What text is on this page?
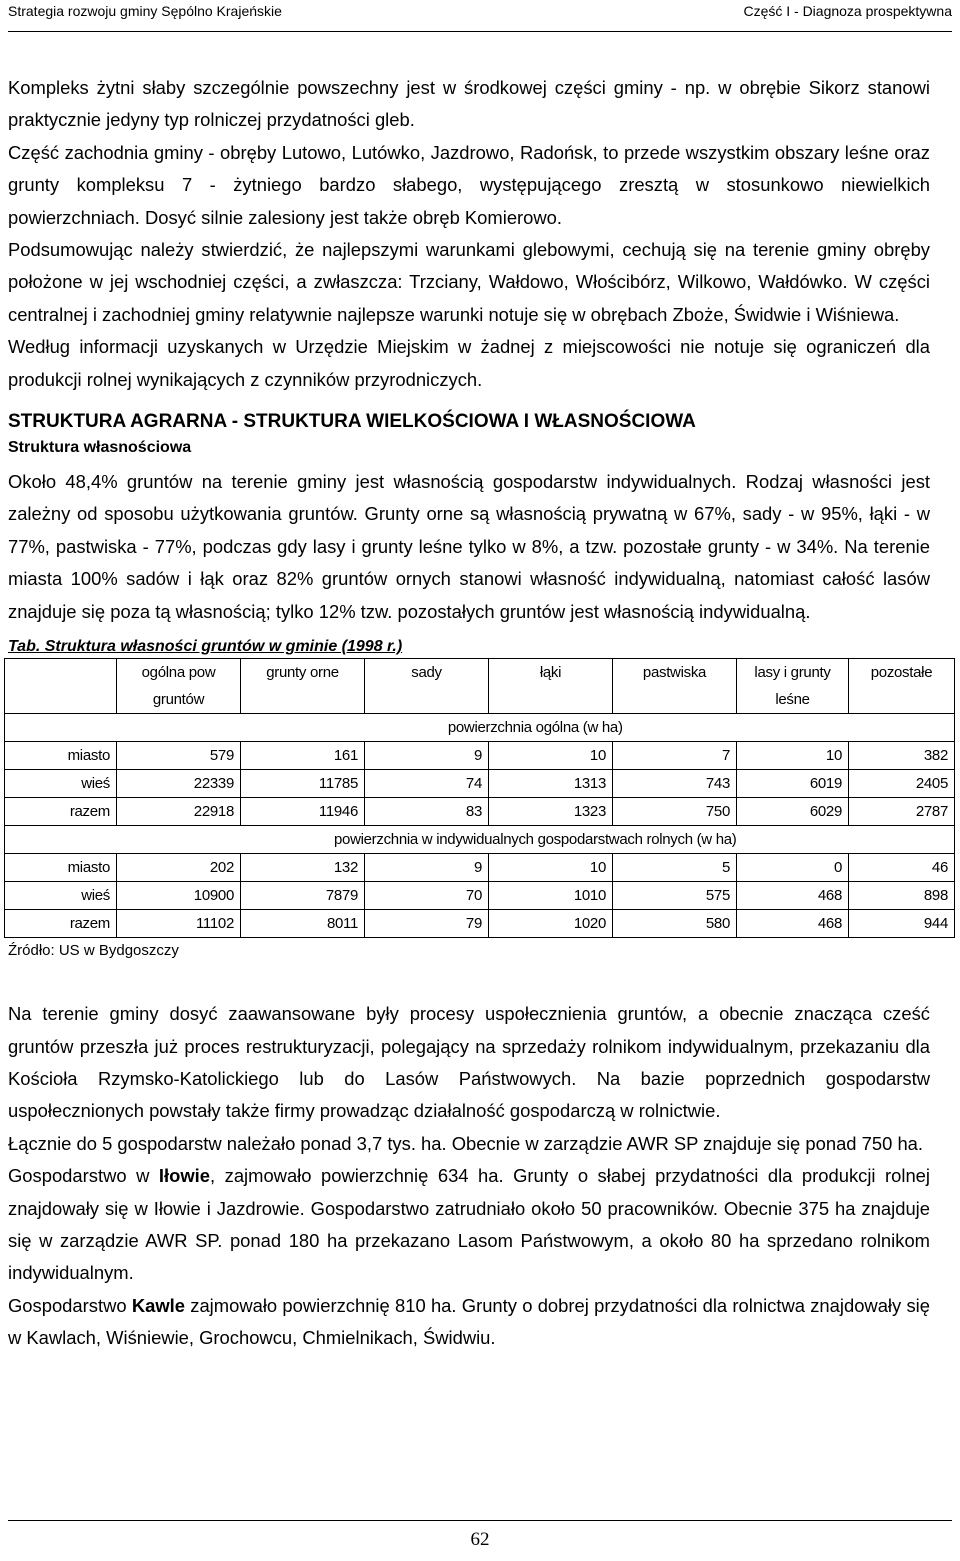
Strategia rozwoju gminy Sępólno Krajeńskie	Część I - Diagnoza prospektywna

Kompleks żytni słaby szczególnie powszechny jest w środkowej części gminy - np. w obrębie Sikorz stanowi praktycznie jedyny typ rolniczej przydatności gleb.

Część zachodnia gminy - obręby Lutowo, Lutówko, Jazdrowo, Radońsk, to przede wszystkim obszary leśne oraz grunty kompleksu 7 - żytniego bardzo słabego, występującego zresztą w stosunkowo niewielkich powierzchniach. Dosyć silnie zalesiony jest także obręb Komierowo.

Podsumowując należy stwierdzić, że najlepszymi warunkami glebowymi, cechują się na terenie gminy obręby położone w jej wschodniej części, a zwłaszcza: Trzciany, Wałdowo, Włościbórz, Wilkowo, Wałdówko. W części centralnej i zachodniej gminy relatywnie najlepsze warunki notuje się w obrębach Zboże, Świdwie i Wiśniewa.

Według informacji uzyskanych w Urzędzie Miejskim w żadnej z miejscowości nie notuje się ograniczeń dla produkcji rolnej wynikających z czynników przyrodniczych.

STRUKTURA AGRARNA - STRUKTURA WIELKOŚCIOWA I WŁASNOŚCIOWA
Struktura własnościowa

Około 48,4% gruntów na terenie gminy jest własnością gospodarstw indywidualnych. Rodzaj własności jest zależny od sposobu użytkowania gruntów. Grunty orne są własnością prywatną w 67%, sady - w 95%, łąki - w 77%, pastwiska - 77%, podczas gdy lasy i grunty leśne tylko w 8%, a tzw. pozostałe grunty - w 34%. Na terenie miasta 100% sadów i łąk oraz 82% gruntów ornych stanowi własność indywidualną, natomiast całość lasów znajduje się poza tą własnością; tylko 12% tzw. pozostałych gruntów jest własnością indywidualną.

Tab. Struktura własności gruntów w gminie (1998 r.)
	ogólna pow gruntów	grunty orne	sady	łąki	pastwiska	lasy i grunty leśne	pozostałe
	powierzchnia ogólna (w ha)						
miasto	579	161	9	10	7	10	382
wieś	22339	11785	74	1313	743	6019	2405
razem	22918	11946	83	1323	750	6029	2787
	powierzchnia w indywidualnych gospodarstwach rolnych (w ha)						
miasto	202	132	9	10	5	0	46
wieś	10900	7879	70	1010	575	468	898
razem	11102	8011	79	1020	580	468	944
Źródło: US w Bydgoszczy

Na terenie gminy dosyć zaawansowane były procesy uspołecznienia gruntów, a obecnie znacząca cześć gruntów przeszła już proces restrukturyzacji, polegający na sprzedaży rolnikom indywidualnym, przekazaniu dla Kościoła Rzymsko-Katolickiego lub do Lasów Państwowych. Na bazie poprzednich gospodarstw uspołecznionych powstały także firmy prowadząc działalność gospodarczą w rolnictwie.

Łącznie do 5 gospodarstw należało ponad 3,7 tys. ha. Obecnie w zarządzie AWR SP znajduje się ponad 750 ha.

Gospodarstwo w Iłowie, zajmowało powierzchnię 634 ha. Grunty o słabej przydatności dla produkcji rolnej znajdowały się w Iłowie i Jazdrowie. Gospodarstwo zatrudniało około 50 pracowników. Obecnie 375 ha znajduje się w zarządzie AWR SP. ponad 180 ha przekazano Lasom Państwowym, a około 80 ha sprzedano rolnikom indywidualnym.

Gospodarstwo Kawle zajmowało powierzchnię 810 ha. Grunty o dobrej przydatności dla rolnictwa znajdowały się w Kawlach, Wiśniewie, Grochowcu, Chmielnikach, Świdwiu.

62
